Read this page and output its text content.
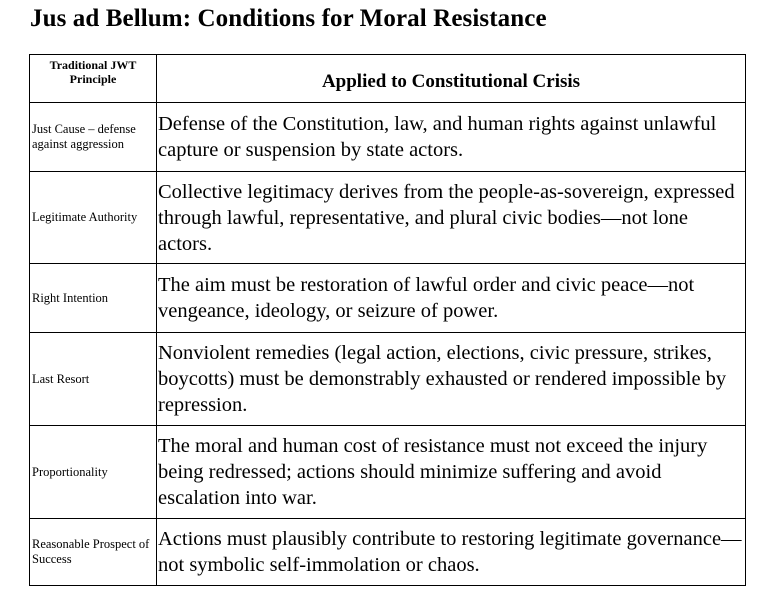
Jus ad Bellum: Conditions for Moral Resistance
Traditional JWT Principle	Applied to Constitutional Crisis
Just Cause – defense against aggression	Defense of the Constitution, law, and human rights against unlawful capture or suspension by state actors.
Legitimate Authority	Collective legitimacy derives from the people-as-sovereign, expressed through lawful, representative, and plural civic bodies—not lone actors.
Right Intention	The aim must be restoration of lawful order and civic peace—not vengeance, ideology, or seizure of power.
Last Resort	Nonviolent remedies (legal action, elections, civic pressure, strikes, boycotts) must be demonstrably exhausted or rendered impossible by repression.
Proportionality	The moral and human cost of resistance must not exceed the injury being redressed; actions should minimize suffering and avoid escalation into war.
Reasonable Prospect of Success	Actions must plausibly contribute to restoring legitimate governance—not symbolic self-immolation or chaos.
